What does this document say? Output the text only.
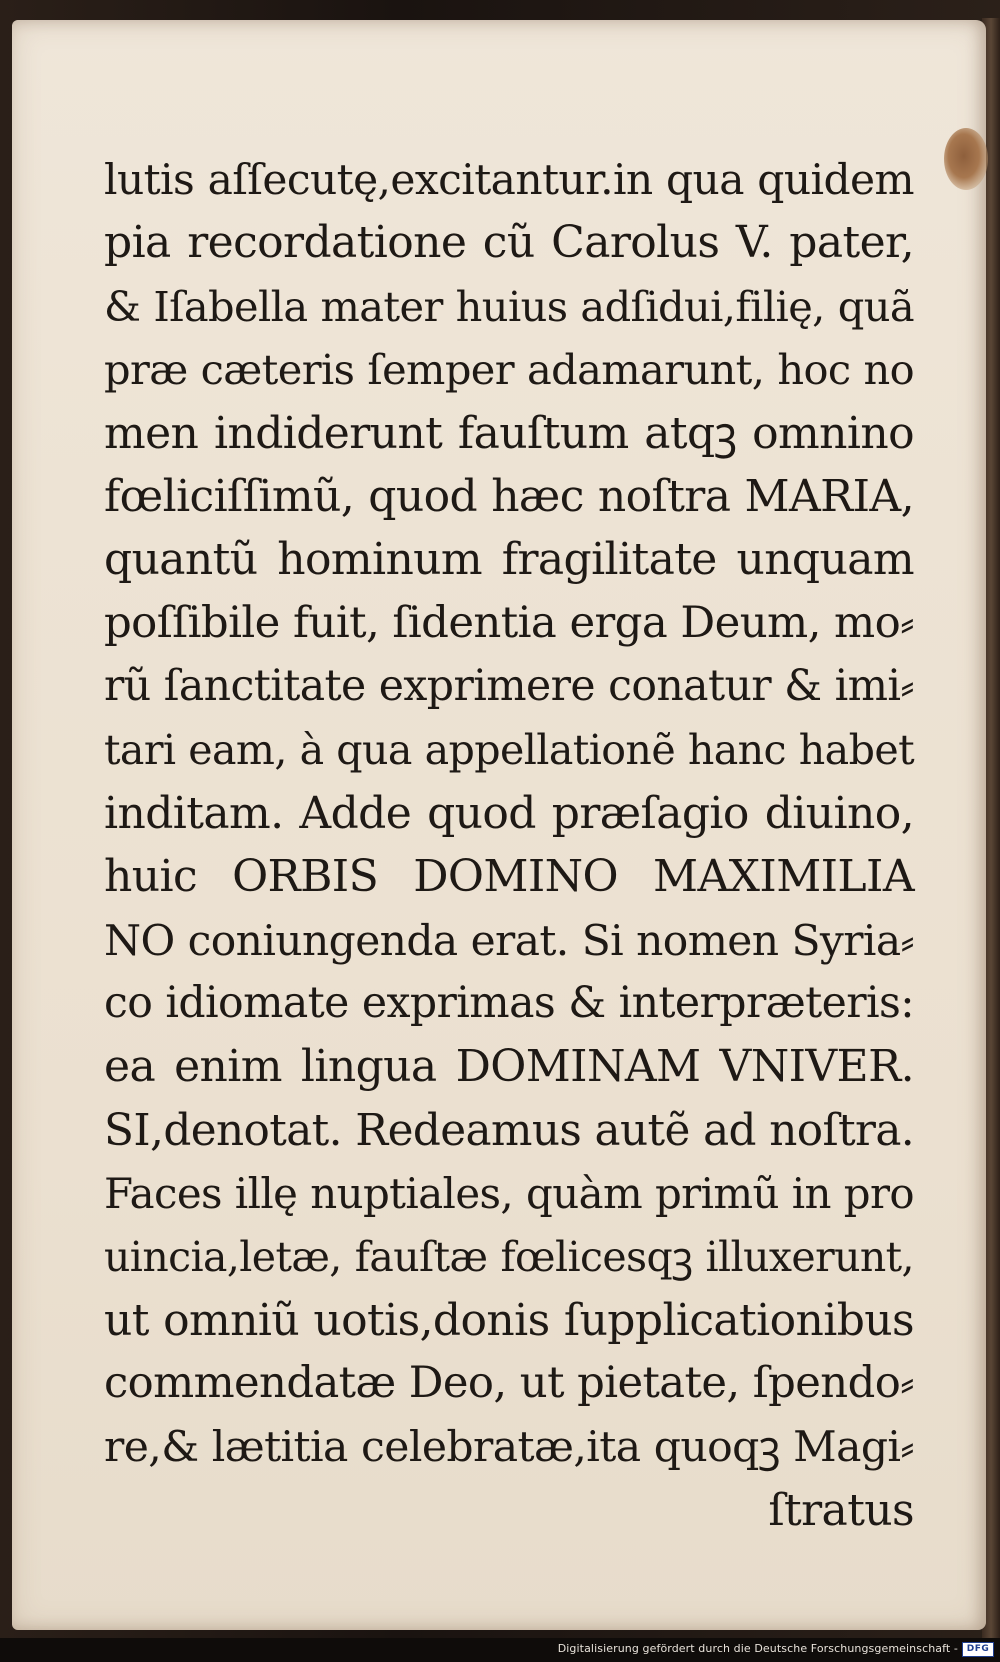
lutis aſſecutę,excitantur.in qua quidem
pia recordatione cũ Carolus V. pater,
& Iſabella mater huius adſidui,filię, quã
præ cæteris ſemper adamarunt, hoc no
men indiderunt fauſtum atqꝫ omnino
fœliciſſimũ, quod hæc noſtra MARIA,
quantũ hominum fragilitate unquam
poſſibile fuit, ſidentia erga Deum, mo⸗
rũ ſanctitate exprimere conatur & imi⸗
tari eam, à qua appellationẽ hanc habet
inditam. Adde quod præſagio diuino,
huic ORBIS DOMINO MAXIMILIA
NO coniungenda erat. Si nomen Syria⸗
co idiomate exprimas & interpræteris:
ea enim lingua DOMINAM VNIVER.
SI,denotat. Redeamus autẽ ad noſtra.
Faces illę nuptiales, quàm primũ in pro
uincia,letæ, fauſtæ fœlicesqꝫ illuxerunt,
ut omniũ uotis,donis ſupplicationibus
commendatæ Deo, ut pietate, ſpendo⸗
re,& lætitia celebratæ,ita quoqꝫ Magi⸗
ſtratus
Digitalisierung gefördert durch die Deutsche Forschungsgemeinschaft - DFG
